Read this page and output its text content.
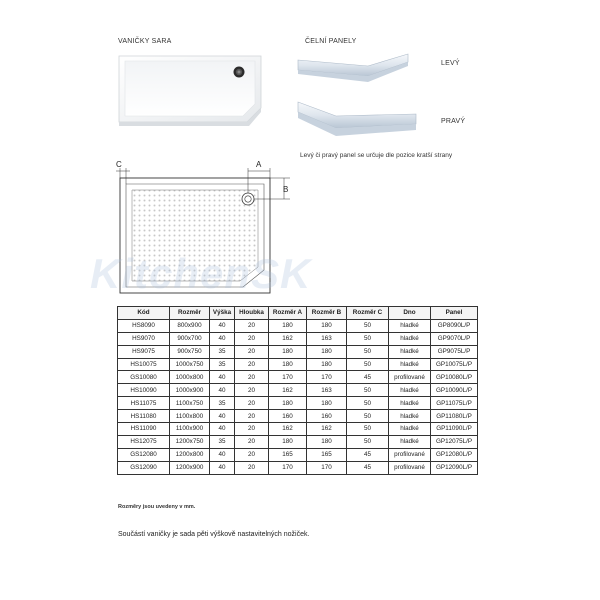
VANIČKY SARA	ČELNÍ PANELY
LEVÝ
PRAVÝ
Levý či pravý panel se určuje dle pozice kratší strany
C	A
B
KitchenSK
Kód	Rozměr	Výška	Hloubka	Rozměr A	Rozměr B	Rozměr C	Dno	Panel
HS8090	800x900	40	20	180	180	50	hladké	GP8090L/P
HS9070	900x700	40	20	162	163	50	hladké	GP9070L/P
HS9075	900x750	35	20	180	180	50	hladké	GP9075L/P
HS10075	1000x750	35	20	180	180	50	hladké	GP10075L/P
GS10080	1000x800	40	20	170	170	45	profilované	GP10080L/P
HS10090	1000x900	40	20	162	163	50	hladké	GP10090L/P
HS11075	1100x750	35	20	180	180	50	hladké	GP11075L/P
HS11080	1100x800	40	20	160	160	50	hladké	GP11080L/P
HS11090	1100x900	40	20	162	162	50	hladké	GP11090L/P
HS12075	1200x750	35	20	180	180	50	hladké	GP12075L/P
GS12080	1200x800	40	20	165	165	45	profilované	GP12080L/P
GS12090	1200x900	40	20	170	170	45	profilované	GP12090L/P
Rozměry jsou uvedeny v mm.
Součástí vaničky je sada pěti výškově nastavitelných nožiček.
